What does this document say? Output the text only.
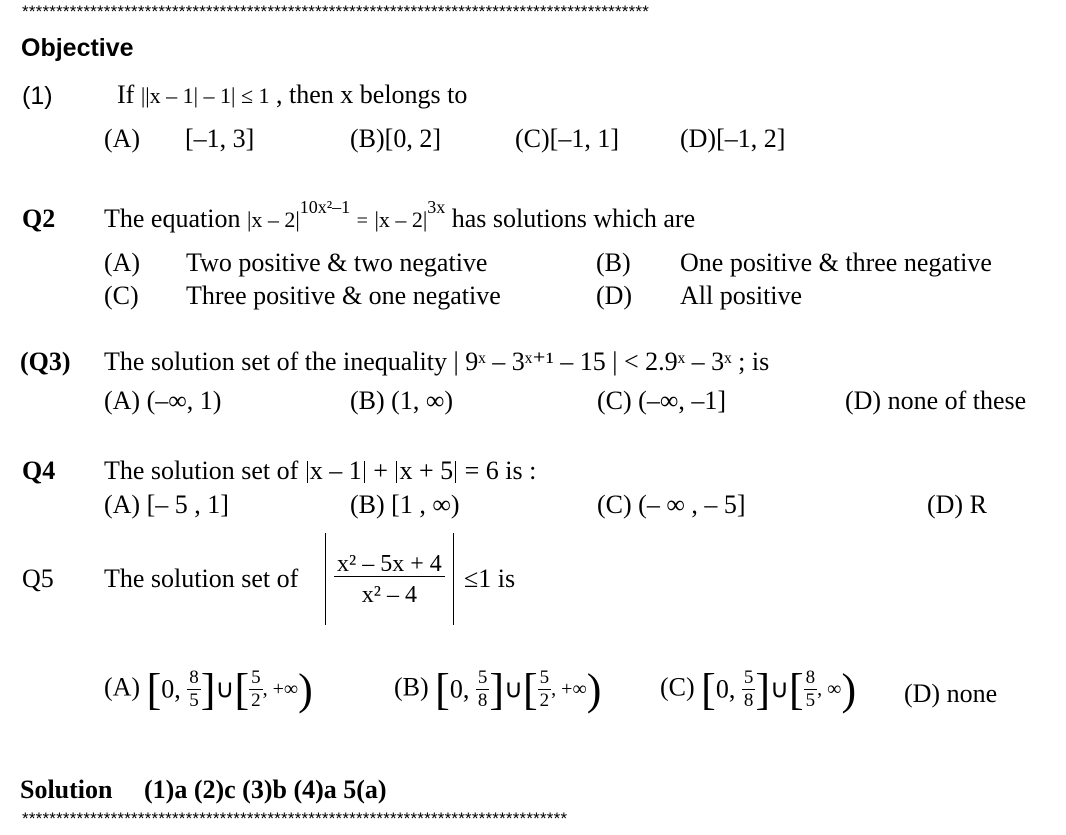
********************************************************************************************
Objective
(1) If ||x – 1| – 1| ≤ 1 , then x belongs to
(A) [–1, 3]	(B)[0, 2]	(C)[–1, 1] (D)[–1, 2]
Q2 The equation $|x - 2|^{10x^2-1} = |x - 2|^{3x}$ has solutions which are
(A) Two positive & two negative	(B) One positive & three negative
(C) Three positive & one negative	(D) All positive
(Q3) The solution set of the inequality | 9ˣ – 3ˣ⁺¹ – 15 | < 2.9ˣ – 3ˣ ; is
(A) (–∞, 1)	(B) (1, ∞)	(C) (–∞, –1]	(D) none of these
Q4 The solution set of x – 1 + x + 5 = 6 is :
(A) [– 5 , 1]	(B) [1 , ∞)	(C) (– ∞ , – 5]	(D) R
Q5 The solution set of
$\frac{\text{x² – 5x + 4}}{\text{x² – 4}}$
≤1 is
(A) [0, $\frac{8}{5}$ ]∪[ $\frac{5}{2}$ , +∞)	(B) [0, $\frac{5}{8}$ ]∪[ $\frac{5}{2}$ , +∞) (C) [0, $\frac{5}{8}$ ]∪[ $\frac{8}{5}$ , ∞) (D) none
Solution (1)a (2)c (3)b (4)a 5(a)
********************************************************************************
